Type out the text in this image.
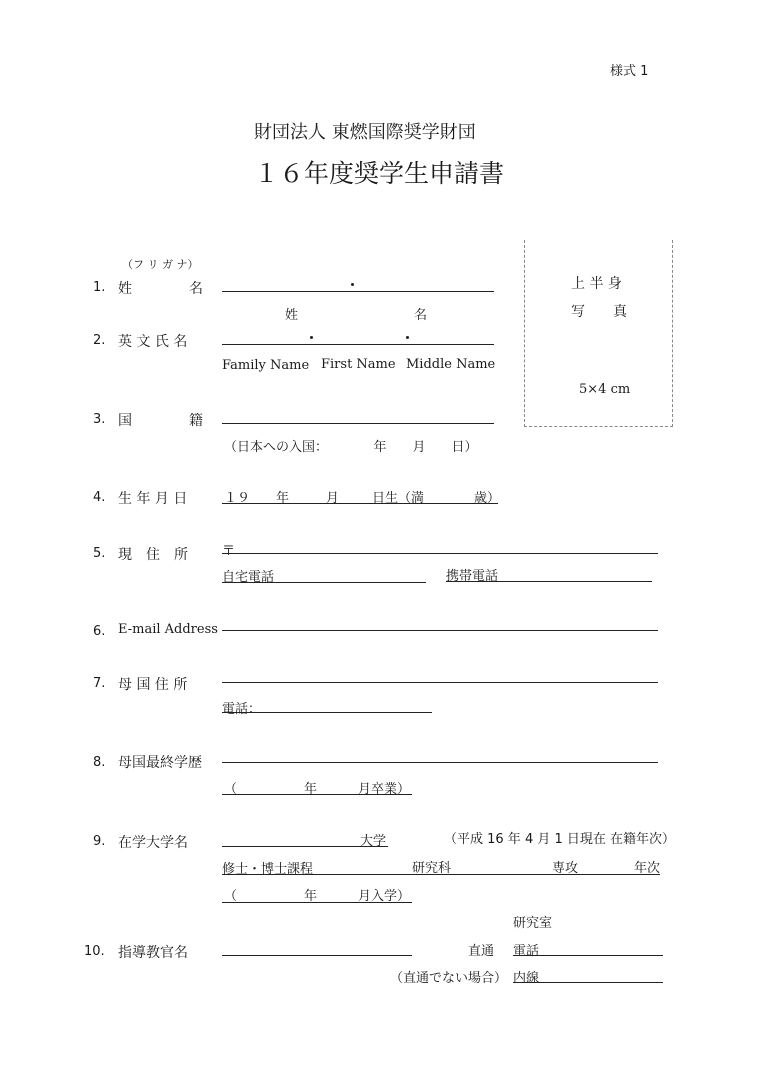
様式 1
財団法人 東燃国際奨学財団
１６年度奨学生申請書
上 半 身
写　　真
5×4 cm
（フ リ ガ ナ）
1. 姓	名
姓	名
2. 英 文 氏 名
Family Name First Name Middle Name
3. 国	籍
（日本への入国：　　　　年　　月　　日）
4. 生 年 月 日	１９ 年	月	日生（満	歳）
5. 現　住　所	〒
自宅電話	携帯電話
6. E-mail Address
7. 母 国 住 所
電話：
8. 母国最終学歴
（	年	月卒業）
9. 在学大学名	大学	（平成 16 年 4 月 1 日現在 在籍年次）
修士・博士課程	研究科	専攻	年次
（	年	月入学）
研究室
10. 指導教官名	直通 電話
（直通でない場合） 内線
